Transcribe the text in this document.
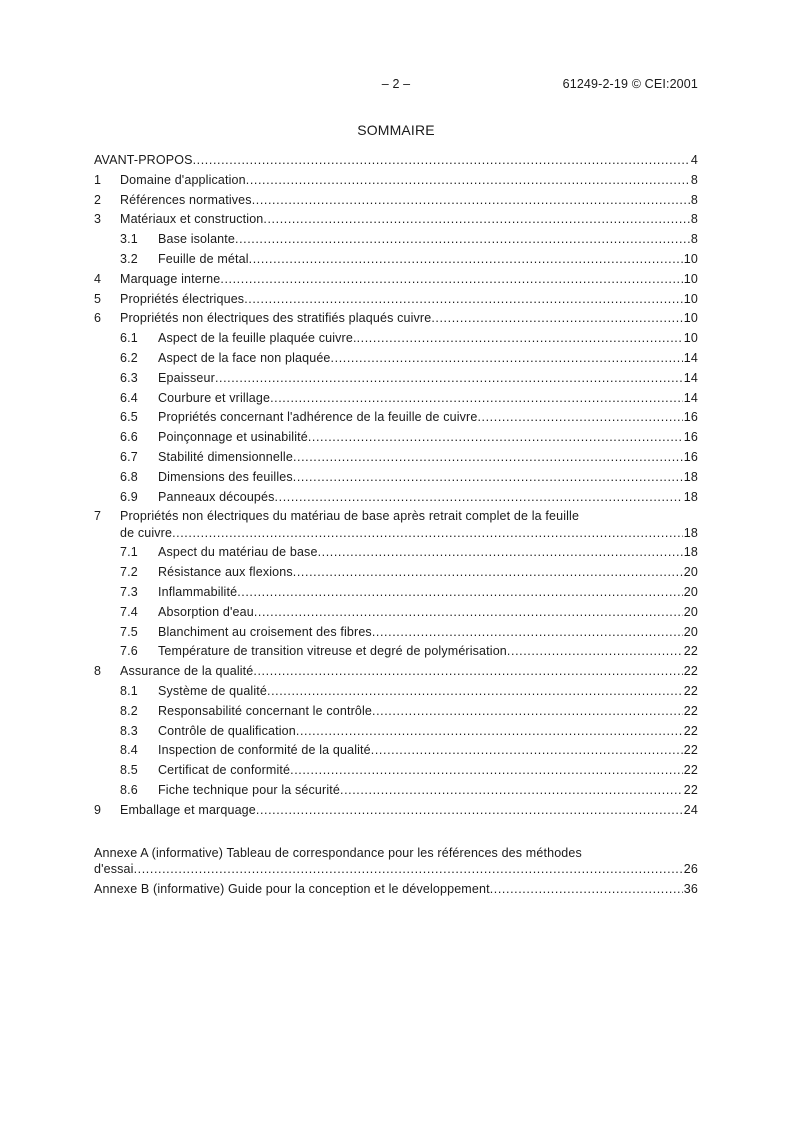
– 2 –	61249-2-19 © CEI:2001
SOMMAIRE
AVANT-PROPOS .....	4
1	Domaine d'application .....	8
2	Références normatives .....	8
3	Matériaux et construction .....	8
3.1	Base isolante .....	8
3.2	Feuille de métal .....	10
4	Marquage interne .....	10
5	Propriétés électriques .....	10
6	Propriétés non électriques des stratifiés plaqués cuivre .....	10
6.1	Aspect de la feuille plaquée cuivre. .....	10
6.2	Aspect de la face non plaquée .....	14
6.3	Epaisseur .....	14
6.4	Courbure et vrillage .....	14
6.5	Propriétés concernant l'adhérence de la feuille de cuivre .....	16
6.6	Poinçonnage et usinabilité .....	16
6.7	Stabilité dimensionnelle .....	16
6.8	Dimensions des feuilles .....	18
6.9	Panneaux découpés .....	18
7	Propriétés non électriques du matériau de base après retrait complet de la feuille
de cuivre .....	18
7.1	Aspect du matériau de base .....	18
7.2	Résistance aux flexions .....	20
7.3	Inflammabilité .....	20
7.4	Absorption d'eau .....	20
7.5	Blanchiment au croisement des fibres .....	20
7.6	Température de transition vitreuse et degré de polymérisation .....	22
8	Assurance de la qualité .....	22
8.1	Système de qualité .....	22
8.2	Responsabilité concernant le contrôle .....	22
8.3	Contrôle de qualification .....	22
8.4	Inspection de conformité de la qualité .....	22
8.5	Certificat de conformité .....	22
8.6	Fiche technique pour la sécurité .....	22
9	Emballage et marquage .....	24
Annexe A (informative) Tableau de correspondance pour les références des méthodes
d'essai .....	26
Annexe B (informative) Guide pour la conception et le développement .....	36
